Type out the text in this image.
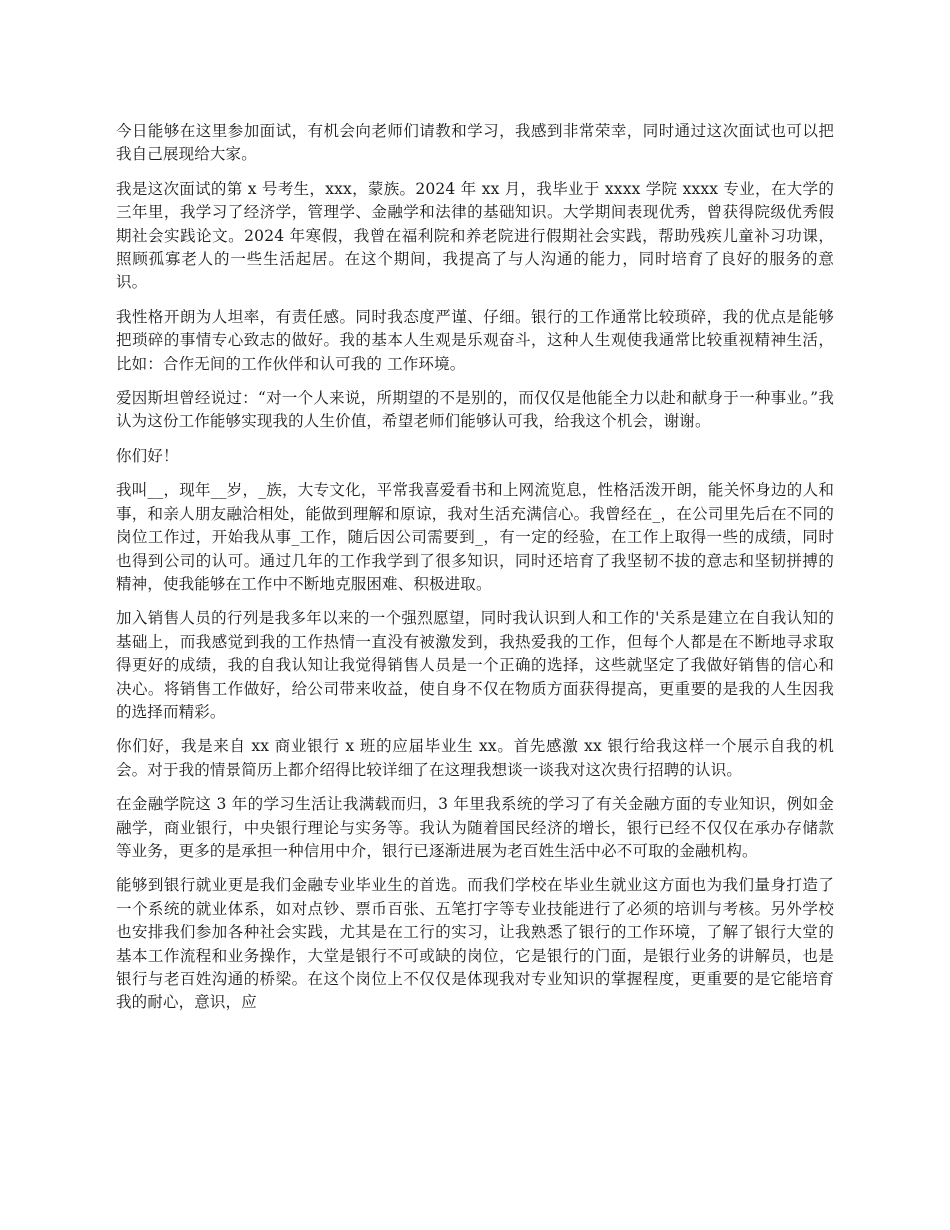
今日能够在这里参加面试，有机会向老师们请教和学习，我感到非常荣幸，同时通过这次面试也可以把我自己展现给大家。

我是这次面试的第 x 号考生，xxx，蒙族。2024 年 xx 月，我毕业于 xxxx 学院 xxxx 专业，在大学的三年里，我学习了经济学，管理学、金融学和法律的基础知识。大学期间表现优秀，曾获得院级优秀假期社会实践论文。2024 年寒假，我曾在福利院和养老院进行假期社会实践，帮助残疾儿童补习功课，照顾孤寡老人的一些生活起居。在这个期间，我提高了与人沟通的能力，同时培育了良好的服务的意识。

我性格开朗为人坦率，有责任感。同时我态度严谨、仔细。银行的工作通常比较琐碎，我的优点是能够把琐碎的事情专心致志的做好。我的基本人生观是乐观奋斗，这种人生观使我通常比较重视精神生活，比如：合作无间的工作伙伴和认可我的 工作环境。

爱因斯坦曾经说过：“对一个人来说，所期望的不是别的，而仅仅是他能全力以赴和献身于一种事业。”我认为这份工作能够实现我的人生价值，希望老师们能够认可我，给我这个机会，谢谢。

你们好！

我叫__，现年__岁，_族，大专文化，平常我喜爱看书和上网流览息，性格活泼开朗，能关怀身边的人和事，和亲人朋友融洽相处，能做到理解和原谅，我对生活充满信心。我曾经在_，在公司里先后在不同的岗位工作过，开始我从事_工作，随后因公司需要到_，有一定的经验，在工作上取得一些的成绩，同时也得到公司的认可。通过几年的工作我学到了很多知识，同时还培育了我坚韧不拔的意志和坚韧拼搏的精神，使我能够在工作中不断地克服困难、积极进取。

加入销售人员的行列是我多年以来的一个强烈愿望，同时我认识到人和工作的'关系是建立在自我认知的基础上，而我感觉到我的工作热情一直没有被激发到，我热爱我的工作，但每个人都是在不断地寻求取得更好的成绩，我的自我认知让我觉得销售人员是一个正确的选择，这些就坚定了我做好销售的信心和决心。将销售工作做好，给公司带来收益，使自身不仅在物质方面获得提高，更重要的是我的人生因我的选择而精彩。

你们好，我是来自 xx 商业银行 x 班的应届毕业生 xx。首先感激 xx 银行给我这样一个展示自我的机会。对于我的情景简历上都介绍得比较详细了在这理我想谈一谈我对这次贵行招聘的认识。

在金融学院这 3 年的学习生活让我满载而归，3 年里我系统的学习了有关金融方面的专业知识，例如金融学，商业银行，中央银行理论与实务等。我认为随着国民经济的增长，银行已经不仅仅在承办存储款等业务，更多的是承担一种信用中介，银行已逐渐进展为老百姓生活中必不可取的金融机构。

能够到银行就业更是我们金融专业毕业生的首选。而我们学校在毕业生就业这方面也为我们量身打造了一个系统的就业体系，如对点钞、票币百张、五笔打字等专业技能进行了必须的培训与考核。另外学校也安排我们参加各种社会实践，尤其是在工行的实习，让我熟悉了银行的工作环境，了解了银行大堂的基本工作流程和业务操作，大堂是银行不可或缺的岗位，它是银行的门面，是银行业务的讲解员，也是银行与老百姓沟通的桥梁。在这个岗位上不仅仅是体现我对专业知识的掌握程度，更重要的是它能培育我的耐心，意识，应
